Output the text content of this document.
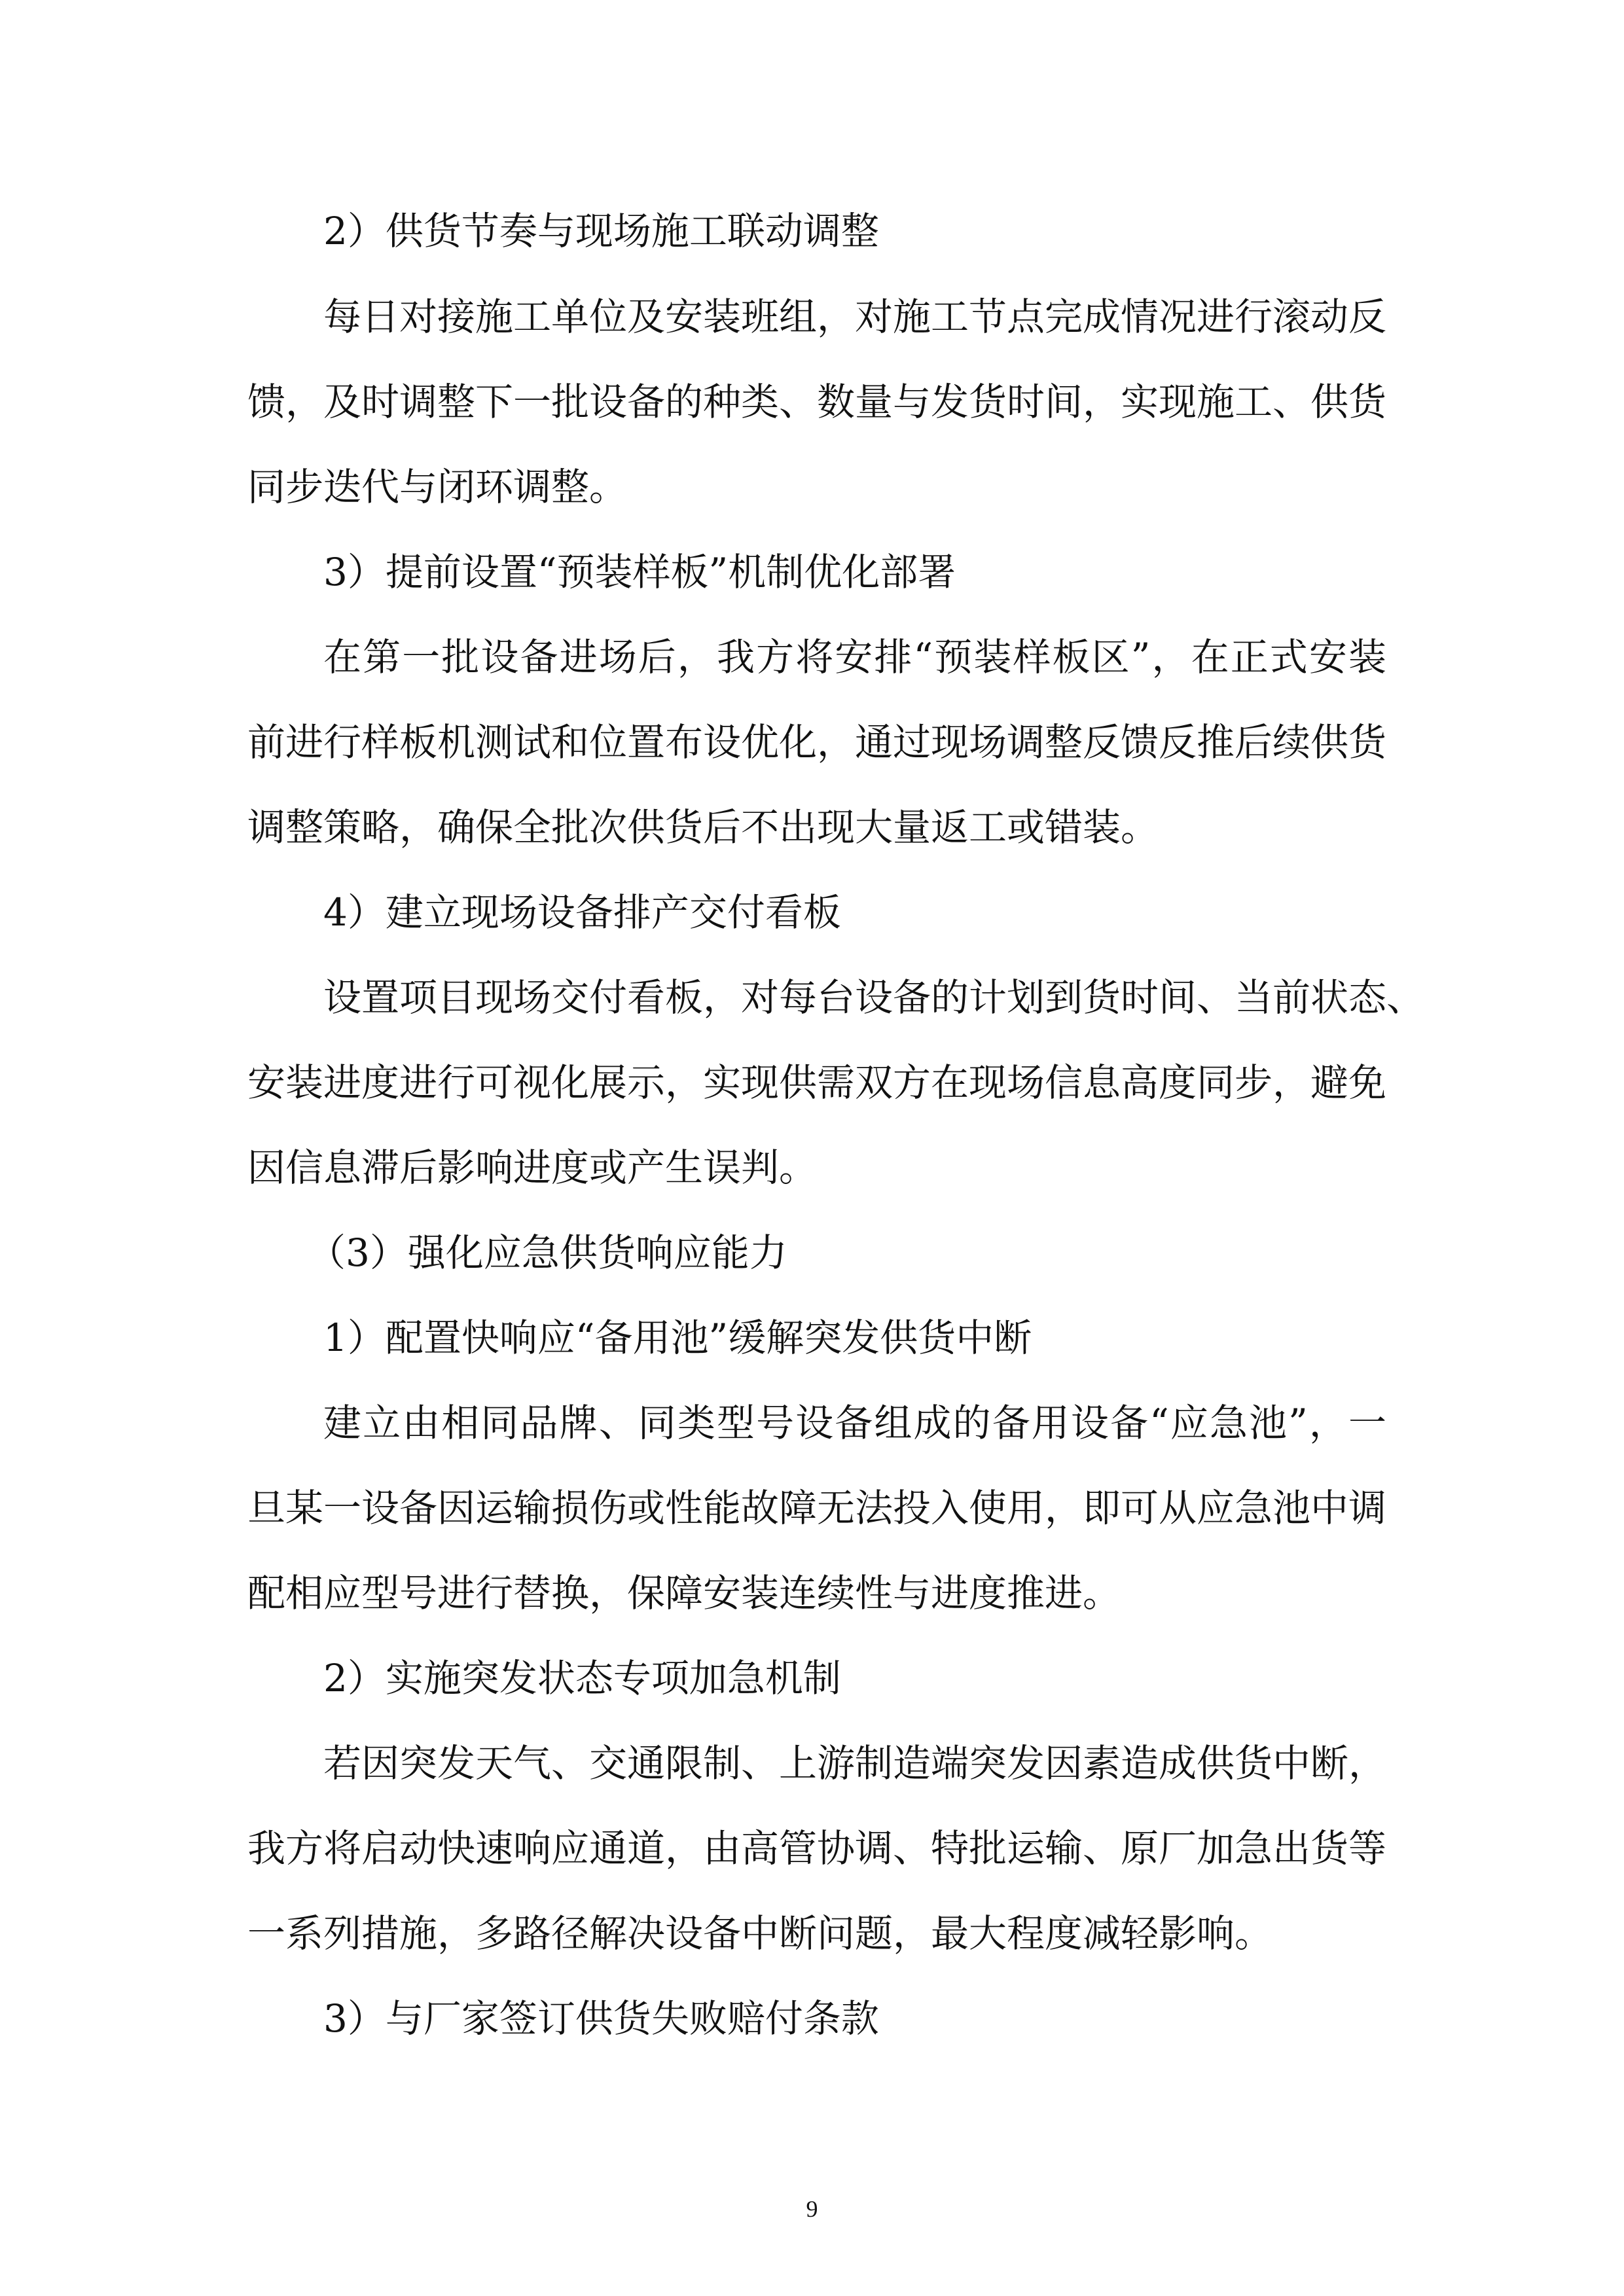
2）供货节奏与现场施工联动调整
每日对接施工单位及安装班组，对施工节点完成情况进行滚动反
馈，及时调整下一批设备的种类、数量与发货时间，实现施工、供货
同步迭代与闭环调整。
3）提前设置“预装样板”机制优化部署
在第一批设备进场后，我方将安排“预装样板区”，在正式安装
前进行样板机测试和位置布设优化，通过现场调整反馈反推后续供货
调整策略，确保全批次供货后不出现大量返工或错装。
4）建立现场设备排产交付看板
设置项目现场交付看板，对每台设备的计划到货时间、当前状态、
安装进度进行可视化展示，实现供需双方在现场信息高度同步，避免
因信息滞后影响进度或产生误判。
（3）强化应急供货响应能力
1）配置快响应“备用池”缓解突发供货中断
建立由相同品牌、同类型号设备组成的备用设备“应急池”，一
旦某一设备因运输损伤或性能故障无法投入使用，即可从应急池中调
配相应型号进行替换，保障安装连续性与进度推进。
2）实施突发状态专项加急机制
若因突发天气、交通限制、上游制造端突发因素造成供货中断，
我方将启动快速响应通道，由高管协调、特批运输、原厂加急出货等
一系列措施，多路径解决设备中断问题，最大程度减轻影响。
3）与厂家签订供货失败赔付条款
9
